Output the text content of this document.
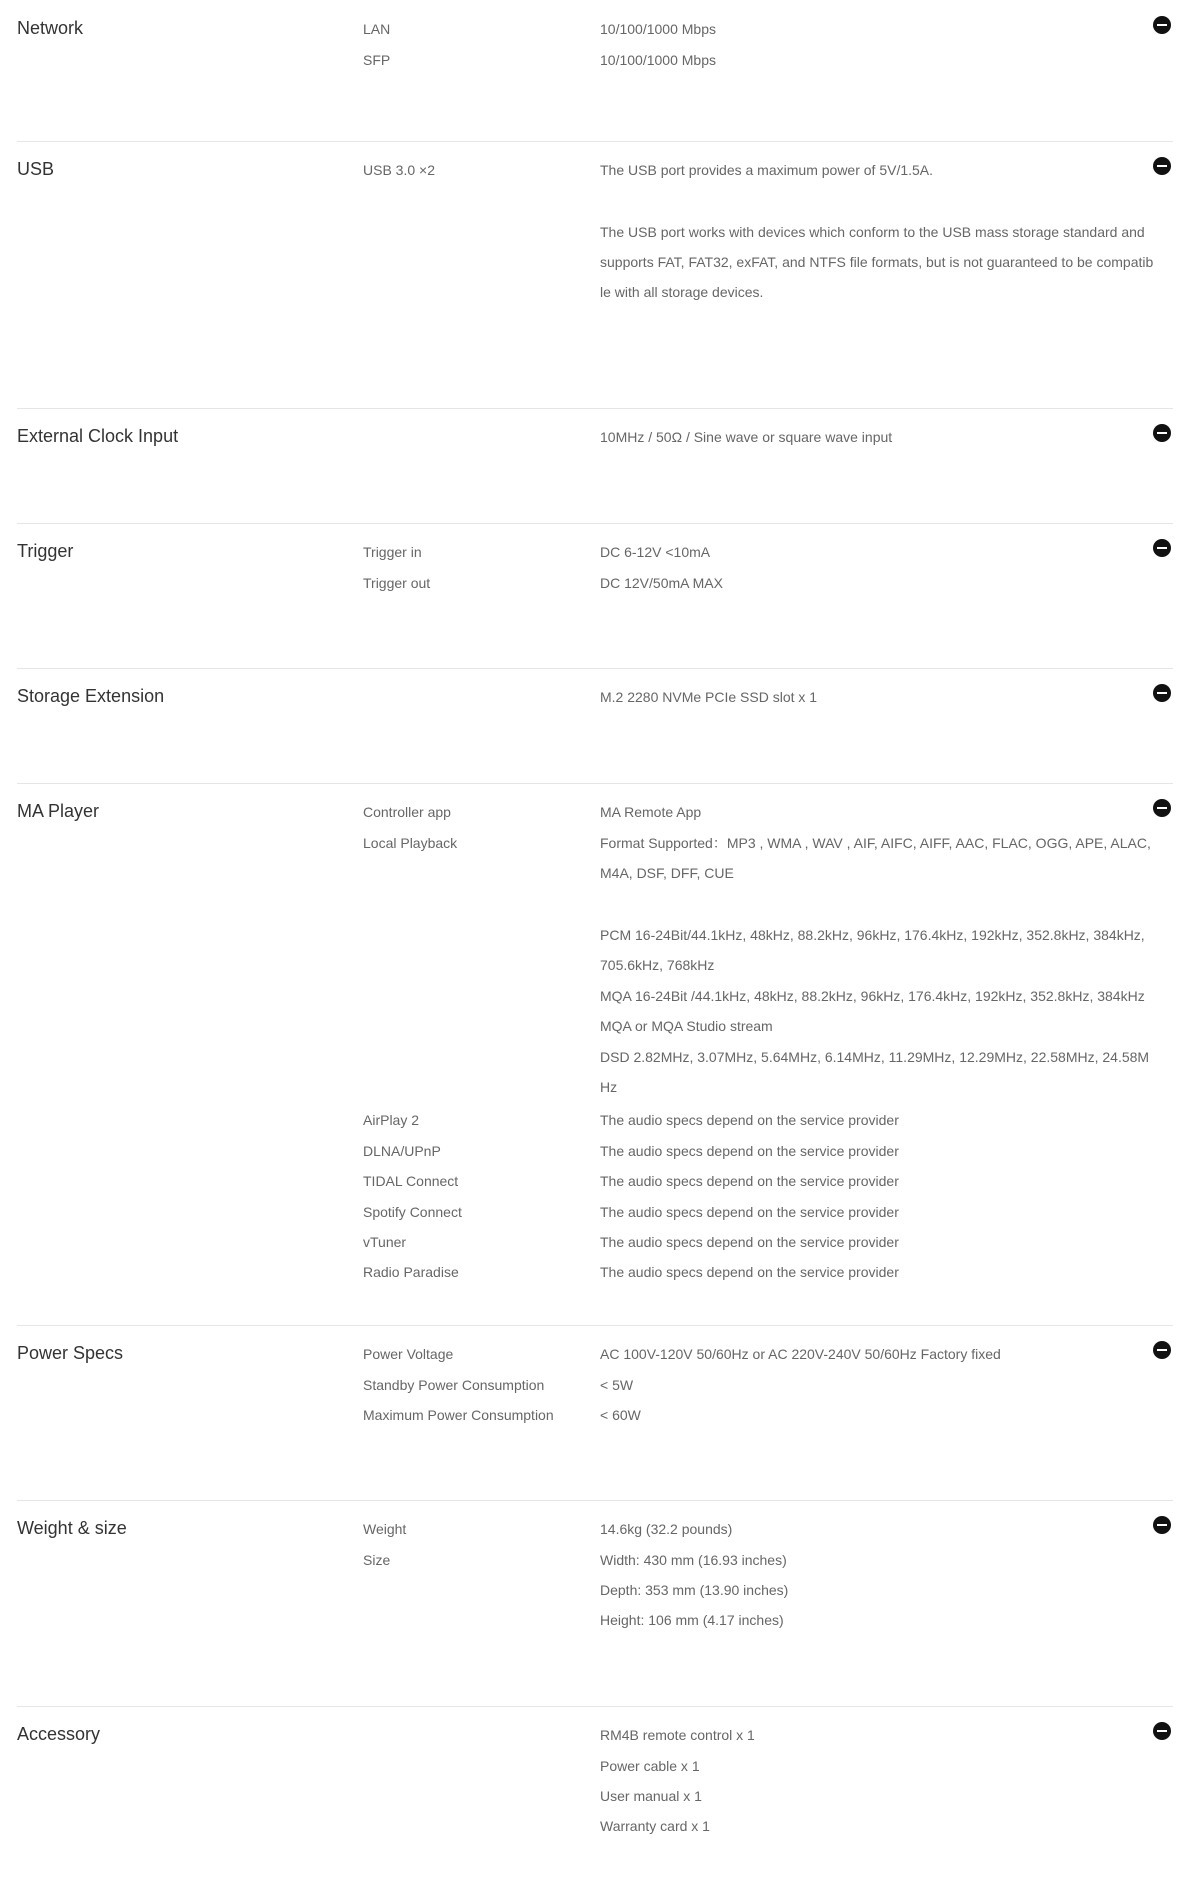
Network	LAN	10/100/1000 Mbps
SFP	10/100/1000 Mbps
USB	USB 3.0 ×2	The USB port provides a maximum power of 5V/1.5A.
The USB port works with devices which conform to the USB mass storage standard and supports FAT, FAT32, exFAT, and NTFS file formats, but is not guaranteed to be compatible with all storage devices.
External Clock Input	10MHz / 50Ω / Sine wave or square wave input
Trigger	Trigger in	DC 6-12V <10mA
Trigger out	DC 12V/50mA MAX
Storage Extension	M.2 2280 NVMe PCIe SSD slot x 1
MA Player	Controller app	MA Remote App
Local Playback	Format Supported：MP3 , WMA , WAV , AIF, AIFC, AIFF, AAC, FLAC, OGG, APE, ALAC, M4A, DSF, DFF, CUE
PCM 16-24Bit/44.1kHz, 48kHz, 88.2kHz, 96kHz, 176.4kHz, 192kHz, 352.8kHz, 384kHz, 705.6kHz, 768kHz
MQA 16-24Bit /44.1kHz, 48kHz, 88.2kHz, 96kHz, 176.4kHz, 192kHz, 352.8kHz, 384kHz
MQA or MQA Studio stream
DSD 2.82MHz, 3.07MHz, 5.64MHz, 6.14MHz, 11.29MHz, 12.29MHz, 22.58MHz, 24.58MHz
AirPlay 2	The audio specs depend on the service provider
DLNA/UPnP	The audio specs depend on the service provider
TIDAL Connect	The audio specs depend on the service provider
Spotify Connect	The audio specs depend on the service provider
vTuner	The audio specs depend on the service provider
Radio Paradise	The audio specs depend on the service provider
Power Specs	Power Voltage	AC 100V-120V 50/60Hz or AC 220V-240V 50/60Hz Factory fixed
Standby Power Consumption	< 5W
Maximum Power Consumption	< 60W
Weight & size	Weight	14.6kg (32.2 pounds)
Size	Width: 430 mm (16.93 inches)
Depth: 353 mm (13.90 inches)
Height: 106 mm (4.17 inches)
Accessory	RM4B remote control x 1
Power cable x 1
User manual x 1
Warranty card x 1
